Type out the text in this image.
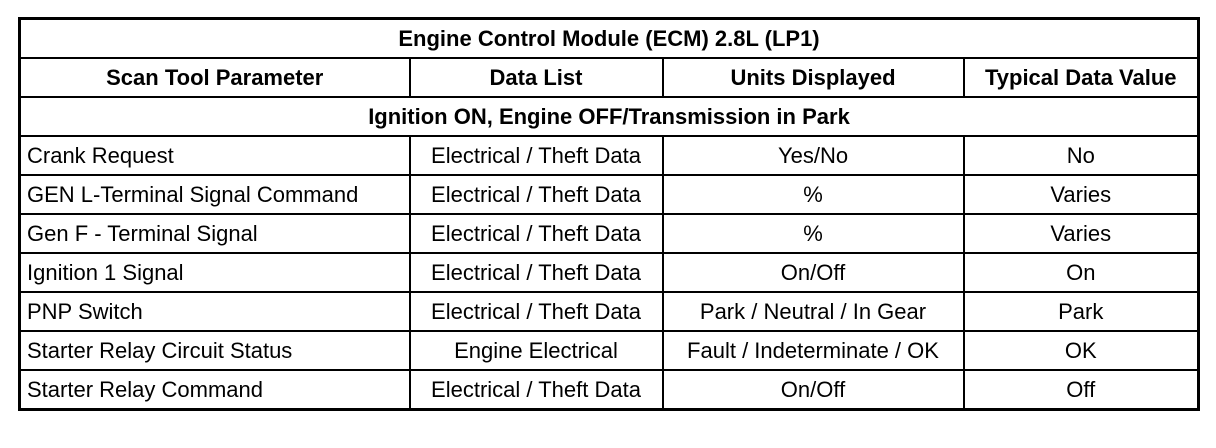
Engine Control Module (ECM) 2.8L (LP1)			
Scan Tool Parameter	Data List	Units Displayed	Typical Data Value
Ignition ON, Engine OFF/Transmission in Park			
Crank Request	Electrical / Theft Data	Yes/No	No
GEN L-Terminal Signal Command	Electrical / Theft Data	%	Varies
Gen F - Terminal Signal	Electrical / Theft Data	%	Varies
Ignition 1 Signal	Electrical / Theft Data	On/Off	On
PNP Switch	Electrical / Theft Data	Park / Neutral / In Gear	Park
Starter Relay Circuit Status	Engine Electrical	Fault / Indeterminate / OK	OK
Starter Relay Command	Electrical / Theft Data	On/Off	Off
